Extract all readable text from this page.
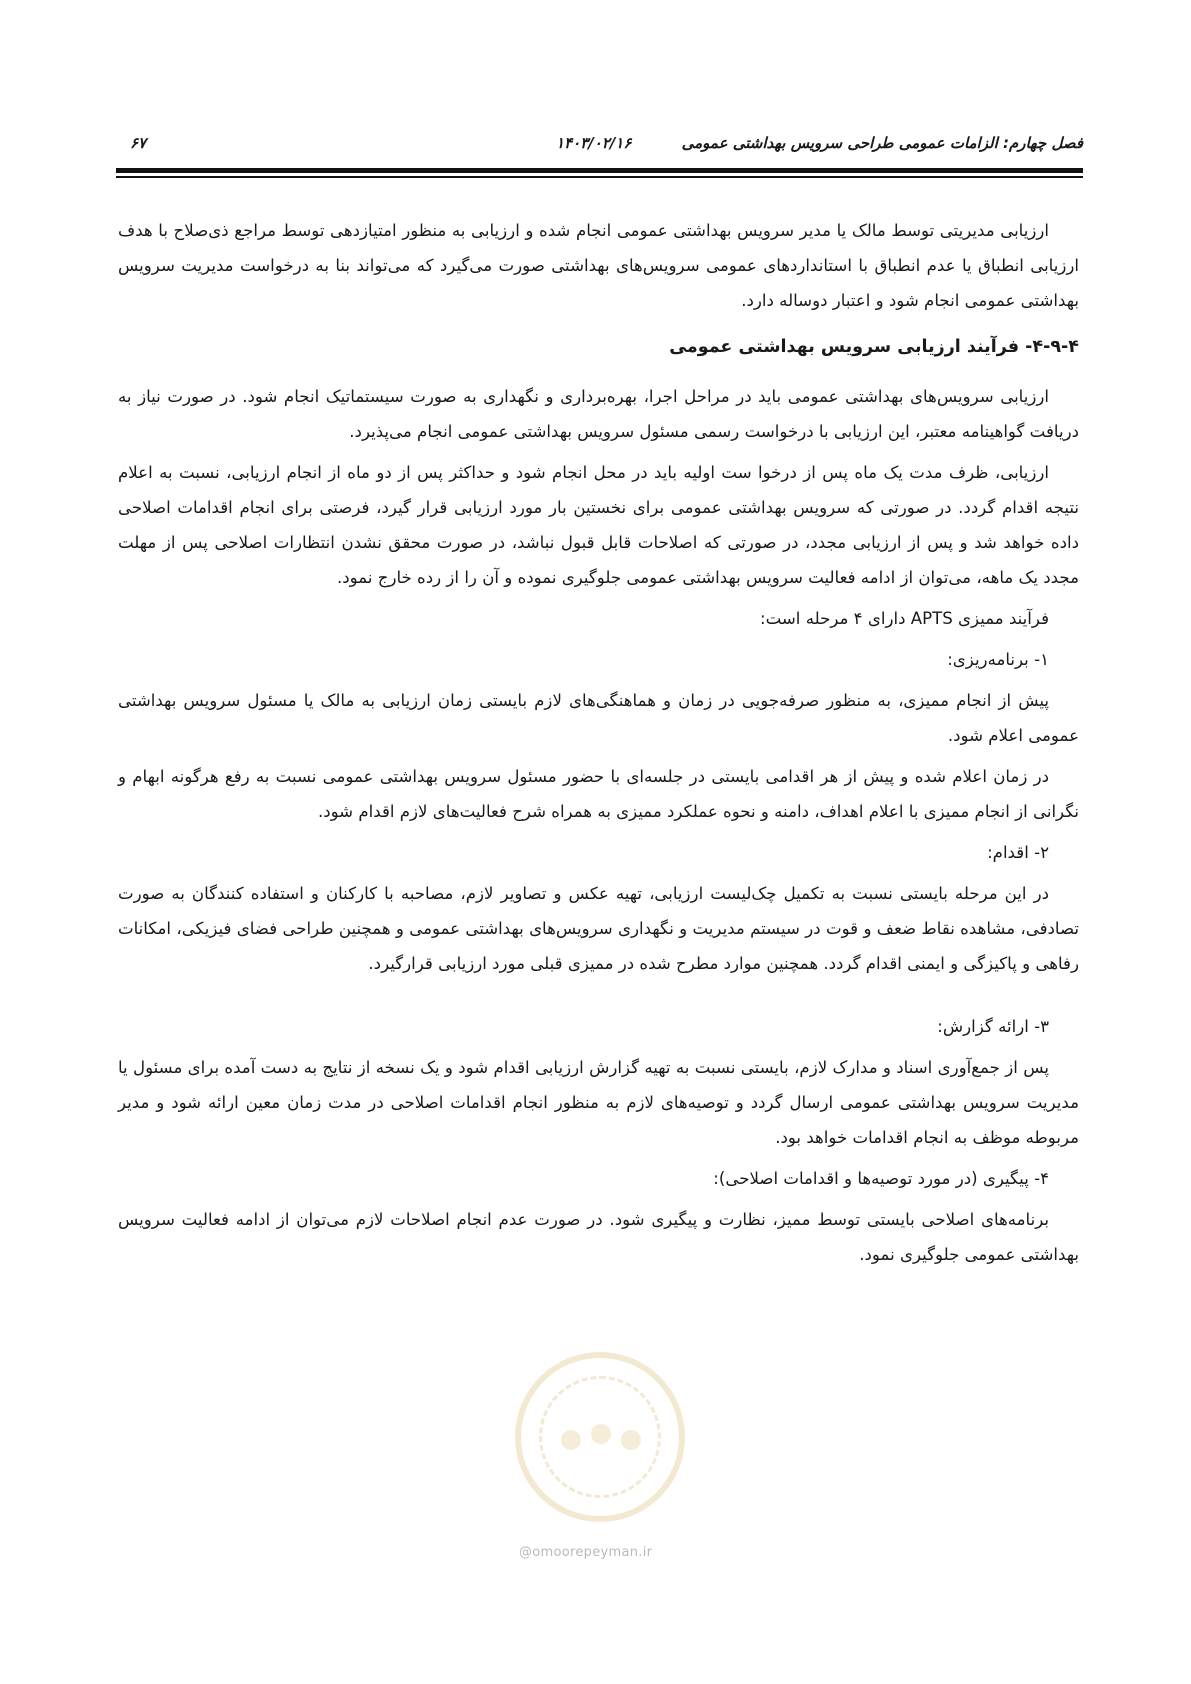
فصل چهارم: الزامات عمومی طراحی سرویس بهداشتی عمومی
۱۴۰۳/۰۲/۱۶
۶۷

ارزیابی مدیریتی توسط مالک یا مدیر سرویس بهداشتی عمومی انجام شده و ارزیابی به منظور امتیازدهی توسط مراجع ذی‌صلاح با هدف ارزیابی انطباق یا عدم انطباق با استانداردهای عمومی سرویس‌های بهداشتی صورت می‌گیرد که می‌تواند بنا به درخواست مدیریت سرویس بهداشتی عمومی انجام شود و اعتبار دوساله دارد.

۴-۹-۴- فرآیند ارزیابی سرویس بهداشتی عمومی

ارزیابی سرویس‌های بهداشتی عمومی باید در مراحل اجرا، بهره‌برداری و نگهداری به صورت سیستماتیک انجام شود. در صورت نیاز به دریافت گواهینامه معتبر، این ارزیابی با درخواست رسمی مسئول سرویس بهداشتی عمومی انجام می‌پذیرد.

ارزیابی، ظرف مدت یک ماه پس از درخوا ست اولیه باید در محل انجام شود و حداکثر پس از دو ماه از انجام ارزیابی، نسبت به اعلام نتیجه اقدام گردد. در صورتی که سرویس بهداشتی عمومی برای نخستین بار مورد ارزیابی قرار گیرد، فرصتی برای انجام اقدامات اصلاحی داده خواهد شد و پس از ارزیابی مجدد، در صورتی که اصلاحات قابل قبول نباشد، در صورت محقق نشدن انتظارات اصلاحی پس از مهلت مجدد یک ماهه، می‌توان از ادامه فعالیت سرویس بهداشتی عمومی جلوگیری نموده و آن را از رده خارج نمود.

فرآیند ممیزی APTS دارای ۴ مرحله است:

۱- برنامه‌ریزی:

پیش از انجام ممیزی، به منظور صرفه‌جویی در زمان و هماهنگی‌های لازم بایستی زمان ارزیابی به مالک یا مسئول سرویس بهداشتی عمومی اعلام شود.

در زمان اعلام شده و پیش از هر اقدامی بایستی در جلسه‌ای با حضور مسئول سرویس بهداشتی عمومی نسبت به رفع هرگونه ابهام و نگرانی از انجام ممیزی با اعلام اهداف، دامنه و نحوه عملکرد ممیزی به همراه شرح فعالیت‌های لازم اقدام شود.

۲- اقدام:

در این مرحله بایستی نسبت به تکمیل چک‌لیست ارزیابی، تهیه عکس و تصاویر لازم، مصاحبه با کارکنان و استفاده کنندگان به صورت تصادفی، مشاهده نقاط ضعف و قوت در سیستم مدیریت و نگهداری سرویس‌های بهداشتی عمومی و همچنین طراحی فضای فیزیکی، امکانات رفاهی و پاکیزگی و ایمنی اقدام گردد. همچنین موارد مطرح شده در ممیزی قبلی مورد ارزیابی قرارگیرد.

۳- ارائه گزارش:

پس از جمع‌آوری اسناد و مدارک لازم، بایستی نسبت به تهیه گزارش ارزیابی اقدام شود و یک نسخه از نتایج به دست آمده برای مسئول یا مدیریت سرویس بهداشتی عمومی ارسال گردد و توصیه‌های لازم به منظور انجام اقدامات اصلاحی در مدت زمان معین ارائه شود و مدیر مربوطه موظف به انجام اقدامات خواهد بود.

۴- پیگیری (در مورد توصیه‌ها و اقدامات اصلاحی):

برنامه‌های اصلاحی بایستی توسط ممیز، نظارت و پیگیری شود. در صورت عدم انجام اصلاحات لازم می‌توان از ادامه فعالیت سرویس بهداشتی عمومی جلوگیری نمود.

@omoorepeyman.ir
